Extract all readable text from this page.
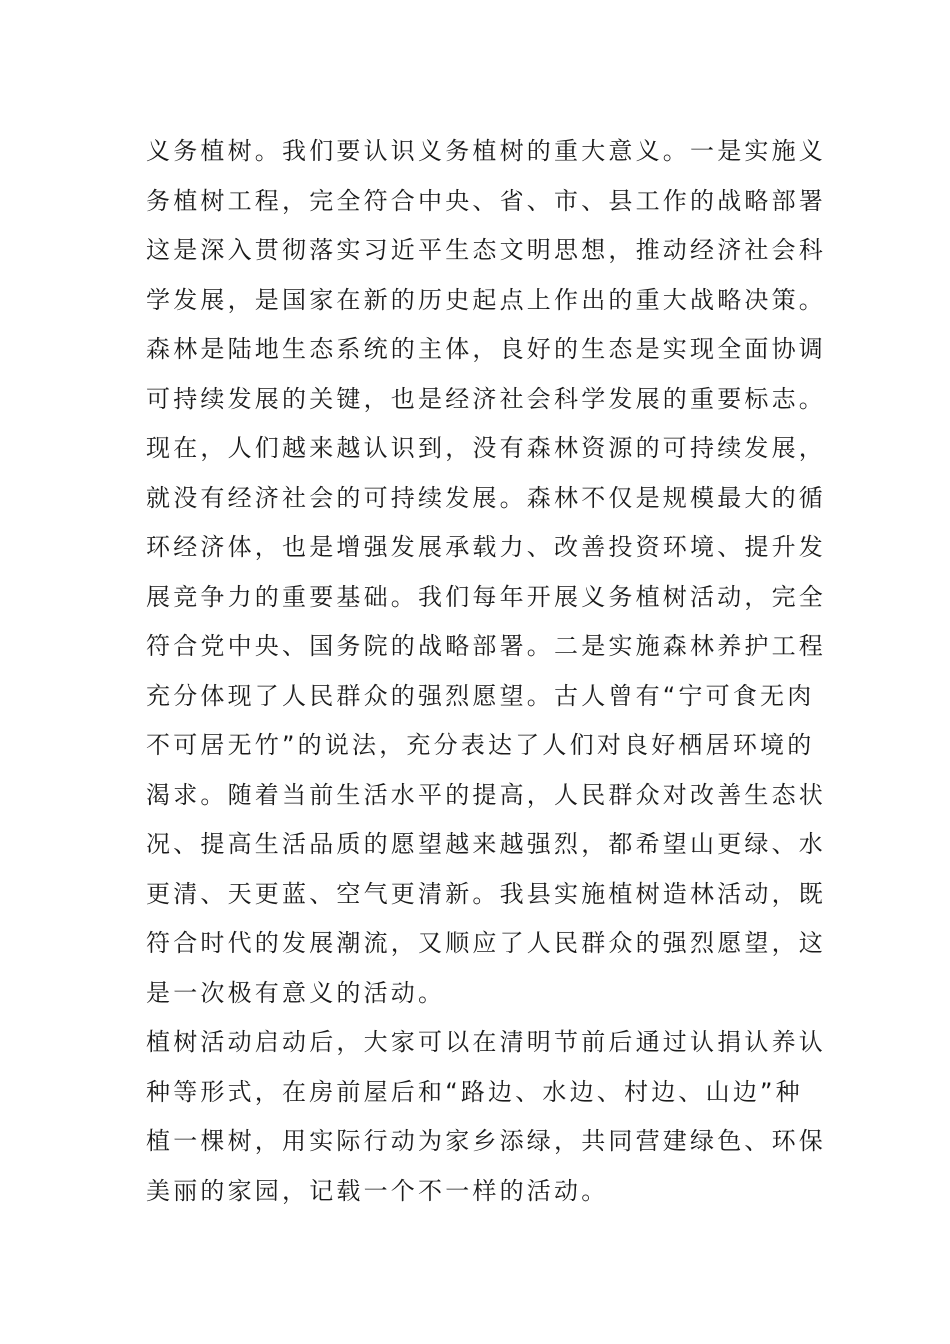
义务植树。我们要认识义务植树的重大意义。一是实施义
务植树工程，完全符合中央、省、市、县工作的战略部署
这是深入贯彻落实习近平生态文明思想，推动经济社会科
学发展，是国家在新的历史起点上作出的重大战略决策。
森林是陆地生态系统的主体，良好的生态是实现全面协调
可持续发展的关键，也是经济社会科学发展的重要标志。
现在，人们越来越认识到，没有森林资源的可持续发展，
就没有经济社会的可持续发展。森林不仅是规模最大的循
环经济体，也是增强发展承载力、改善投资环境、提升发
展竞争力的重要基础。我们每年开展义务植树活动，完全
符合党中央、国务院的战略部署。二是实施森林养护工程
充分体现了人民群众的强烈愿望。古人曾有“宁可食无肉
不可居无竹”的说法，充分表达了人们对良好栖居环境的
渴求。随着当前生活水平的提高，人民群众对改善生态状
况、提高生活品质的愿望越来越强烈，都希望山更绿、水
更清、天更蓝、空气更清新。我县实施植树造林活动，既
符合时代的发展潮流，又顺应了人民群众的强烈愿望，这
是一次极有意义的活动。
植树活动启动后，大家可以在清明节前后通过认捐认养认
种等形式，在房前屋后和“路边、水边、村边、山边”种
植一棵树，用实际行动为家乡添绿，共同营建绿色、环保
美丽的家园，记载一个不一样的活动。
